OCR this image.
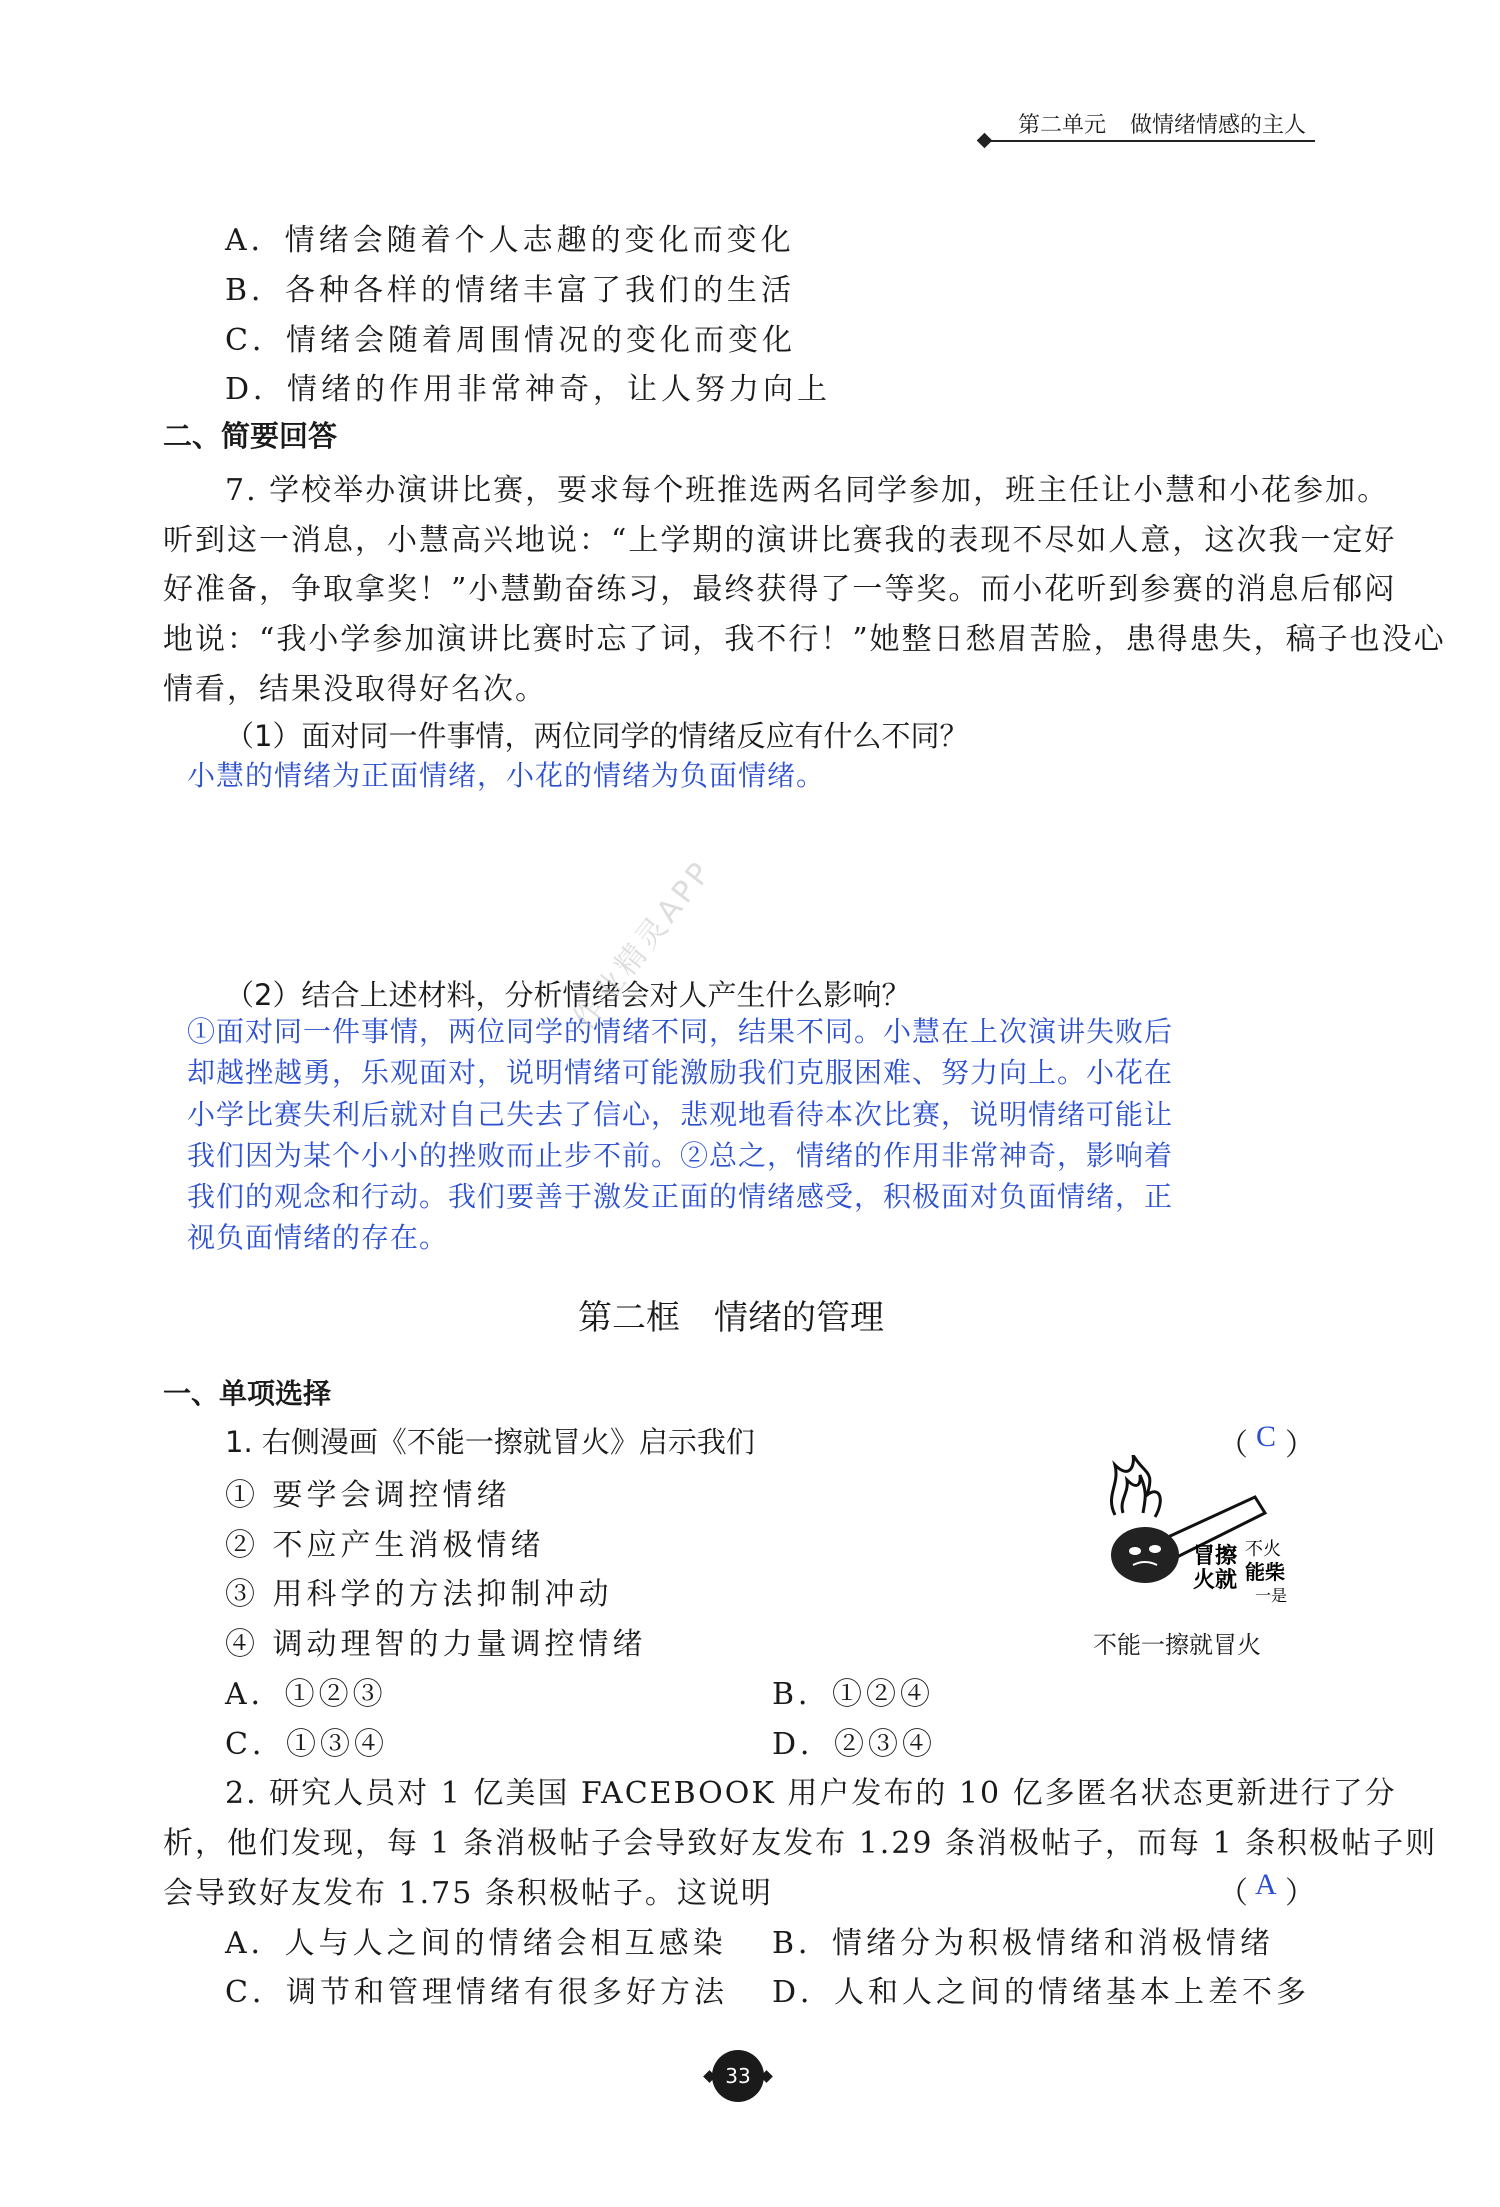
第二单元 做情绪情感的主人
A．情绪会随着个人志趣的变化而变化
B．各种各样的情绪丰富了我们的生活
C．情绪会随着周围情况的变化而变化
D．情绪的作用非常神奇，让人努力向上
二、简要回答
7. 学校举办演讲比赛，要求每个班推选两名同学参加，班主任让小慧和小花参加。
听到这一消息，小慧高兴地说：“上学期的演讲比赛我的表现不尽如人意，这次我一定好
好准备，争取拿奖！”小慧勤奋练习，最终获得了一等奖。而小花听到参赛的消息后郁闷
地说：“我小学参加演讲比赛时忘了词，我不行！”她整日愁眉苦脸，患得患失，稿子也没心
情看，结果没取得好名次。
（1）面对同一件事情，两位同学的情绪反应有什么不同？
小慧的情绪为正面情绪，小花的情绪为负面情绪。
（2）结合上述材料，分析情绪会对人产生什么影响？
①面对同一件事情，两位同学的情绪不同，结果不同。小慧在上次演讲失败后
却越挫越勇，乐观面对，说明情绪可能激励我们克服困难、努力向上。小花在
小学比赛失利后就对自己失去了信心，悲观地看待本次比赛，说明情绪可能让
我们因为某个小小的挫败而止步不前。②总之，情绪的作用非常神奇，影响着
我们的观念和行动。我们要善于激发正面的情绪感受，积极面对负面情绪，正
视负面情绪的存在。
作业精灵APP
第二框　情绪的管理
一、单项选择
1. 右侧漫画《不能一擦就冒火》启示我们	（ C ）
① 要学会调控情绪
② 不应产生消极情绪
③ 用科学的方法抑制冲动
④ 调动理智的力量调控情绪
A．①②③	B．①②④
C．①③④	D．②③④
冒擦
火就
不火
能柴
一是
不能一擦就冒火
2. 研究人员对 1 亿美国 FACEBOOK 用户发布的 10 亿多匿名状态更新进行了分
析，他们发现，每 1 条消极帖子会导致好友发布 1.29 条消极帖子，而每 1 条积极帖子则
会导致好友发布 1.75 条积极帖子。这说明	（ A ）
A．人与人之间的情绪会相互感染 B．情绪分为积极情绪和消极情绪
C．调节和管理情绪有很多好方法 D．人和人之间的情绪基本上差不多
33
